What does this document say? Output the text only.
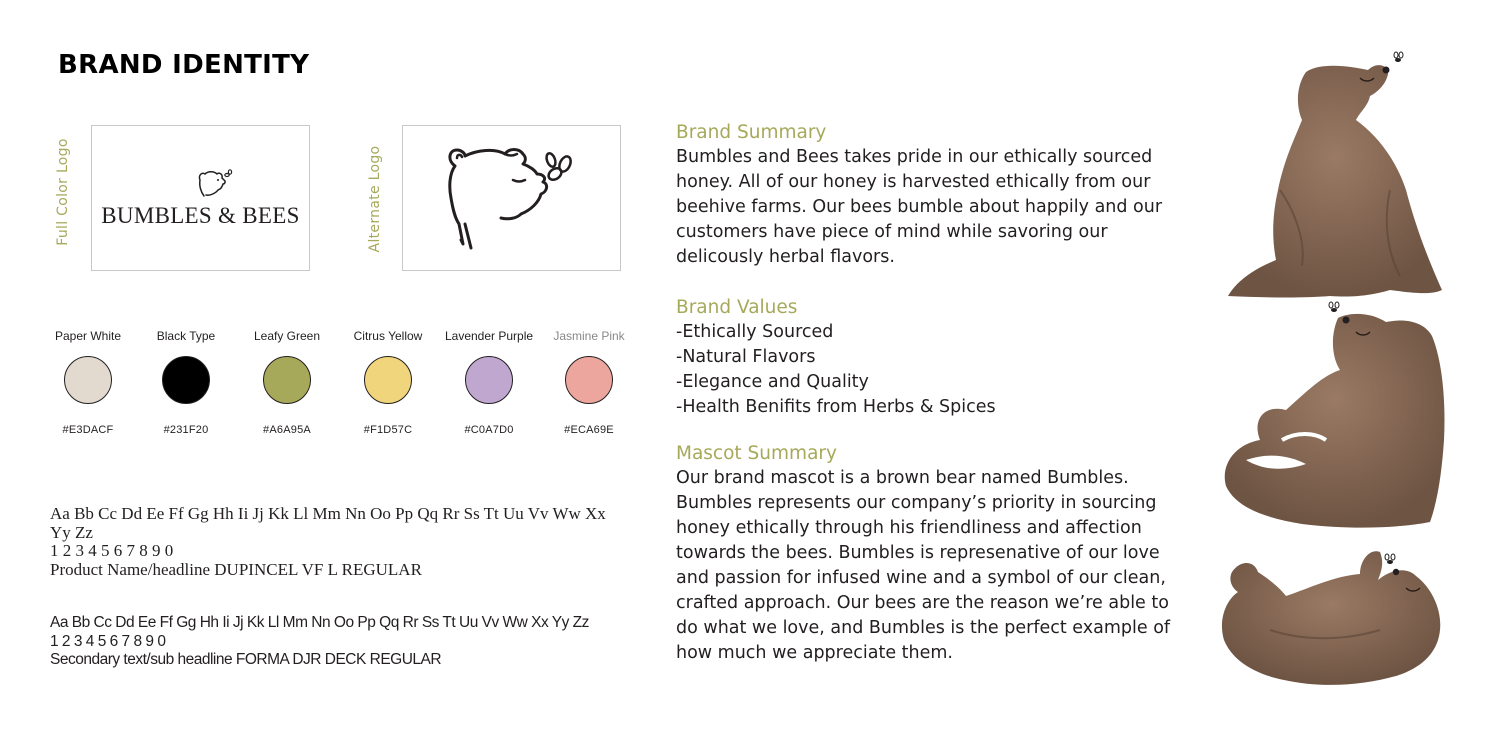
BRAND IDENTITY
Full Color Logo	BUMBLES & BEES	Alternate Logo
Paper White
#E3DACF
Black Type
#231F20
Leafy Green
#A6A95A
Citrus Yellow
#F1D57C
Lavender Purple
#C0A7D0
Jasmine Pink
#ECA69E
Aa Bb Cc Dd Ee Ff Gg Hh Ii Jj Kk Ll Mm Nn Oo Pp Qq Rr Ss Tt Uu Vv Ww Xx Yy Zz
1 2 3 4 5 6 7 8 9 0
Product Name/headline DUPINCEL VF L REGULAR
Aa Bb Cc Dd Ee Ff Gg Hh Ii Jj Kk Ll Mm Nn Oo Pp Qq Rr Ss Tt Uu Vv Ww Xx Yy Zz
1 2 3 4 5 6 7 8 9 0
Secondary text/sub headline FORMA DJR DECK REGULAR
Brand Summary
Bumbles and Bees takes pride in our ethically sourced honey. All of our honey is harvested ethically from our beehive farms. Our bees bumble about happily and our customers have piece of mind while savoring our delicously herbal flavors.
Brand Values
-Ethically Sourced
-Natural Flavors
-Elegance and Quality
-Health Benifits from Herbs & Spices
Mascot Summary
Our brand mascot is a brown bear named Bumbles. Bumbles represents our company’s priority in sourcing honey ethically through his friendliness and affection towards the bees. Bumbles is represenative of our love and passion for infused wine and a symbol of our clean, crafted approach. Our bees are the reason we’re able to do what we love, and Bumbles is the perfect example of how much we appreciate them.
